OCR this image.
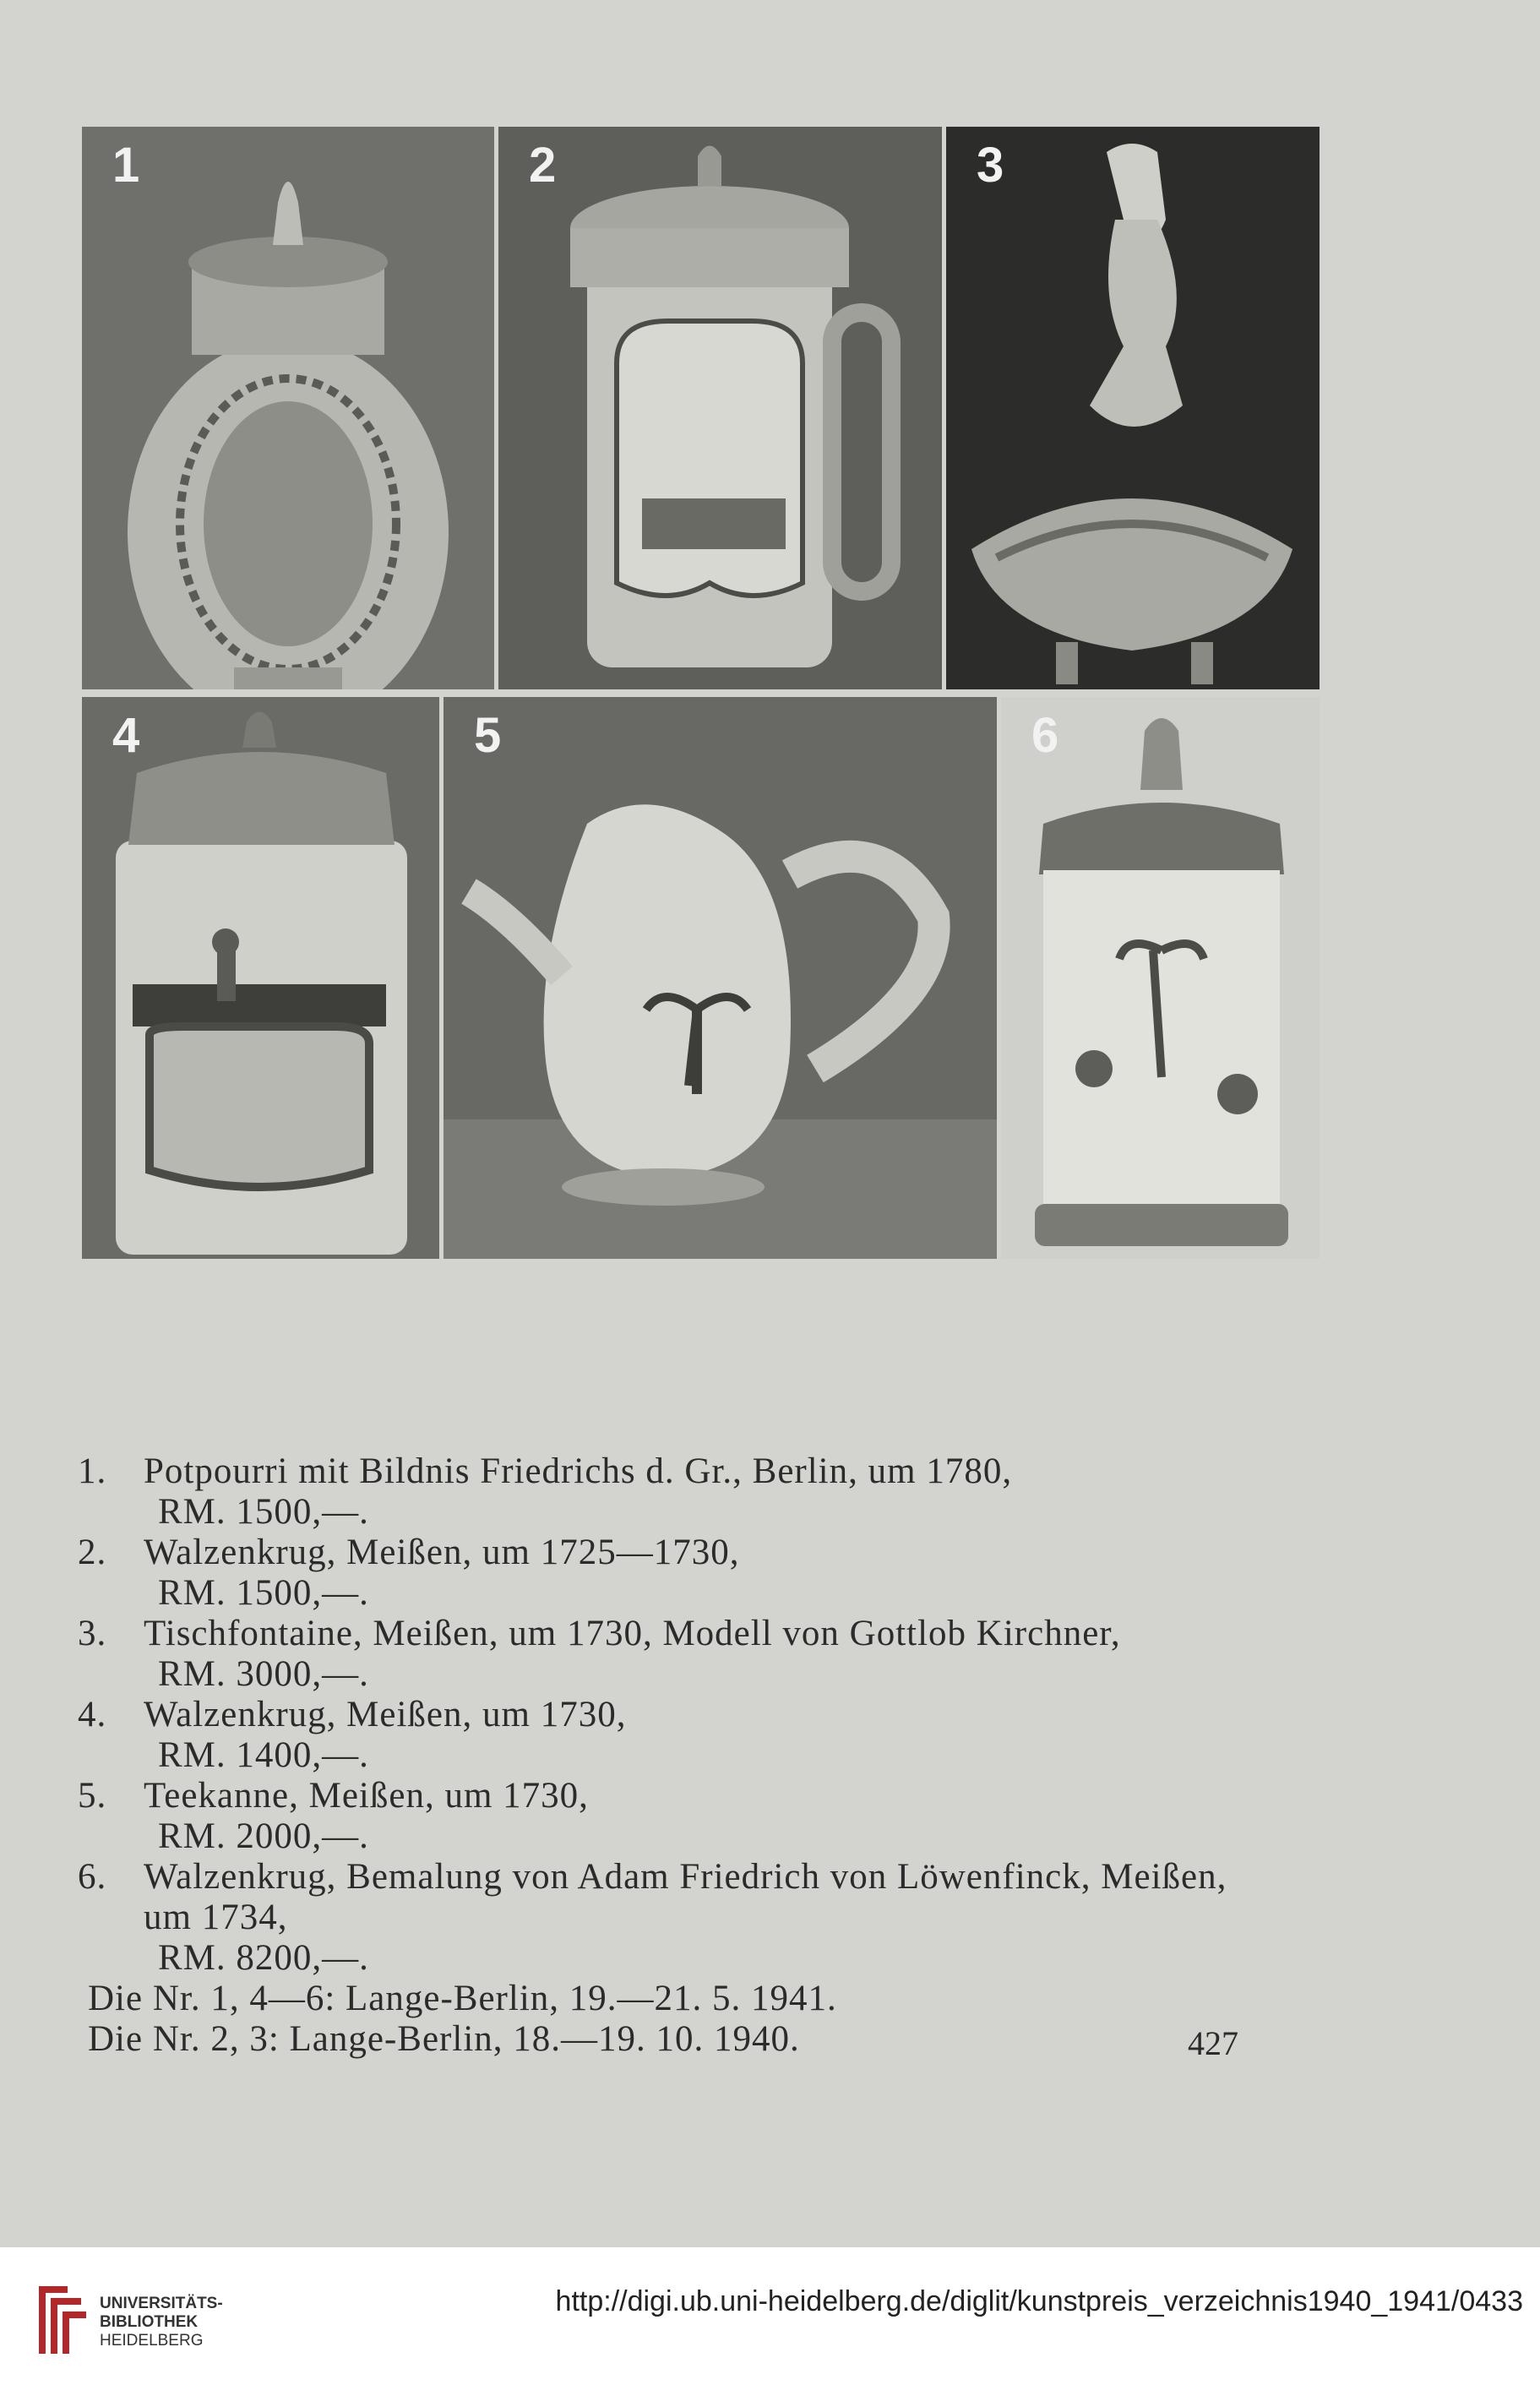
1	2	3
4	5	6
1.	Potpourri mit Bildnis Friedrichs d. Gr., Berlin, um 1780,
RM. 1500,—.
2.	Walzenkrug, Meißen, um 1725—1730,
RM. 1500,—.
3.	Tischfontaine, Meißen, um 1730, Modell von Gottlob Kirchner,
RM. 3000,—.
4.	Walzenkrug, Meißen, um 1730,
RM. 1400,—.
5.	Teekanne, Meißen, um 1730,
RM. 2000,—.
6.	Walzenkrug, Bemalung von Adam Friedrich von Löwenfinck, Meißen,
um 1734,
RM. 8200,—.
Die Nr. 1, 4—6: Lange-Berlin, 19.—21. 5. 1941.
Die Nr. 2, 3: Lange-Berlin, 18.—19. 10. 1940.	427
UNIVERSITÄTS-
BIBLIOTHEK
HEIDELBERG
http://digi.ub.uni-heidelberg.de/diglit/kunstpreis_verzeichnis1940_1941/0433
